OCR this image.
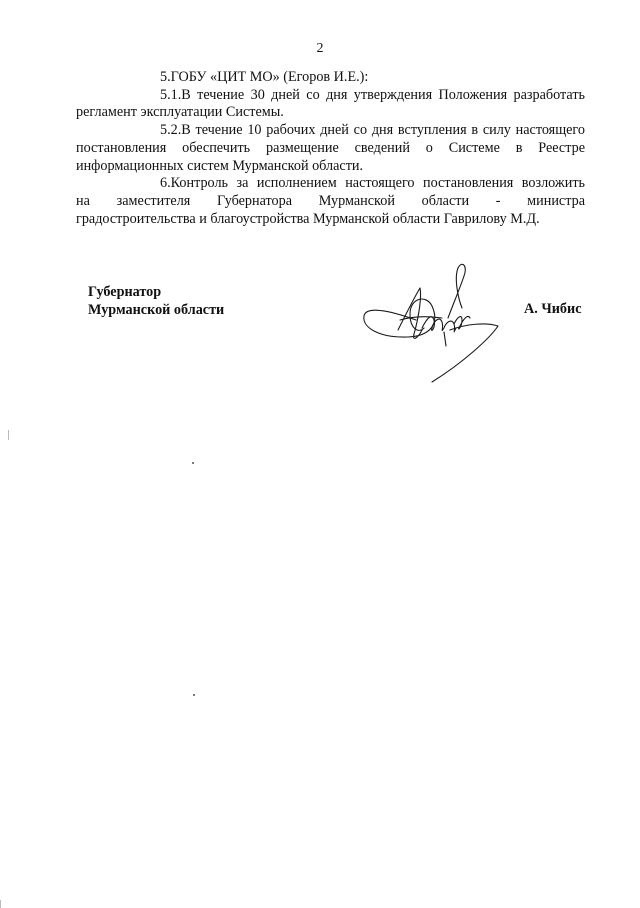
2

5.ГОБУ «ЦИТ МО» (Егоров И.Е.):

5.1.В течение 30 дней со дня утверждения Положения разработать регламент эксплуатации Системы.

5.2.В течение 10 рабочих дней со дня вступления в силу настоящего постановления обеспечить размещение сведений о Системе в Реестре информационных систем Мурманской области.

6.Контроль за исполнением настоящего постановления возложить

на заместителя Губернатора Мурманской области - министра

градостроительства и благоустройства Мурманской области Гаврилову М.Д.

Губернатор
Мурманской области	А. Чибис
